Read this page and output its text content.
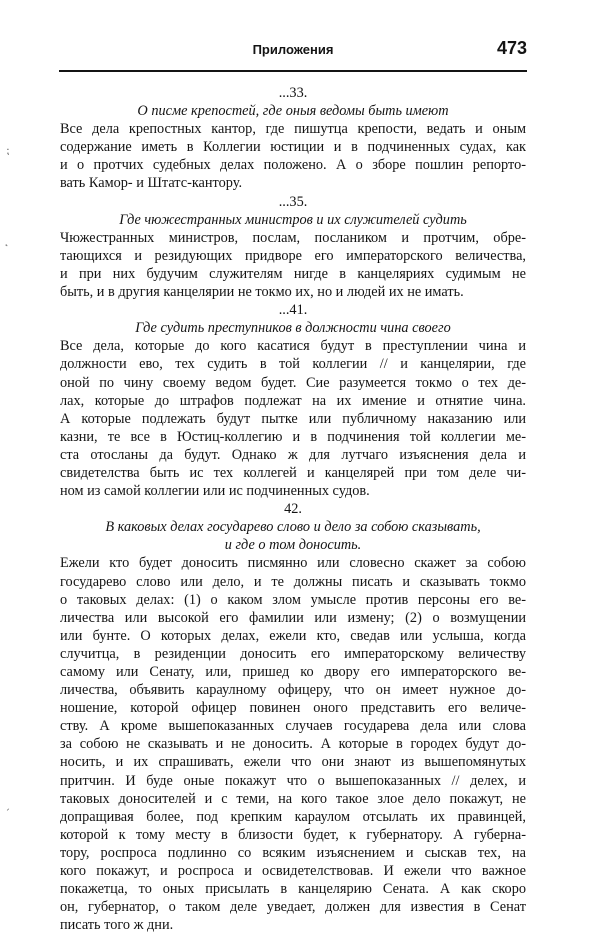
Приложения	473
⁏
˛
ˏ
...33.
О писме крепостей, где оныя ведомы быть имеют
Все дела крепостных кантор, где пишутца крепости, ведать и оным
содержание иметь в Коллегии юстиции и в подчиненных судах, как
и о протчих судебных делах положено. А о зборе пошлин репорто-
вать Камор- и Штатс-кантору.
...35.
Где чюжестранных министров и их служителей судить
Чюжестранных министров, послам, послаником и протчим, обре-
тающихся и резидующих придворе его императорского величества,
и при них будучим служителям нигде в канцеляриях судимым не
быть, и в другия канцелярии не токмо их, но и людей их не имать.
...41.
Где судить преступников в должности чина своего
Все дела, которые до кого касатися будут в преступлении чина и
должности ево, тех судить в той коллегии // и канцелярии, где
оной по чину своему ведом будет. Сие разумеется токмо о тех де-
лах, которые до штрафов подлежат на их имение и отнятие чина.
А которые подлежать будут пытке или публичному наказанию или
казни, те все в Юстиц-коллегию и в подчинения той коллегии ме-
ста отосланы да будут. Однако ж для лутчаго изъяснения дела и
свидетелства быть ис тех коллегей и канцелярей при том деле чи-
ном из самой коллегии или ис подчиненных судов.
42.
В каковых делах государево слово и дело за собою сказывать,
и где о том доносить.
Ежели кто будет доносить писмянно или словесно скажет за собою
государево слово или дело, и те должны писать и сказывать токмо
о таковых делах: (1) о каком злом умысле против персоны его ве-
личества или высокой его фамилии или измену; (2) о возмущении
или бунте. О которых делах, ежели кто, сведав или услыша, когда
случитца, в резиденции доносить его императорскому величеству
самому или Сенату, или, пришед ко двору его императорского ве-
личества, объявить караулному офицеру, что он имеет нужное до-
ношение, которой офицер повинен оного представить его величе-
ству. А кроме вышепоказанных случаев государева дела или слова
за собою не сказывать и не доносить. А которые в городех будут до-
носить, и их спрашивать, ежели что они знают из вышепомянутых
притчин. И буде оные покажут что о вышепоказанных // делех, и
таковых доносителей и с теми, на кого такое злое дело покажут, не
допращивая более, под крепким караулом отсылать их правинцей,
которой к тому месту в близости будет, к губернатору. А губерна-
тору, роспроса подлинно со всяким изъяснением и сыскав тех, на
кого покажут, и роспроса и освидетелствовав. И ежели что важное
покажетца, то оных присылать в канцелярию Сената. А как скоро
он, губернатор, о таком деле уведает, должен для известия в Сенат
писать того ж дни.
